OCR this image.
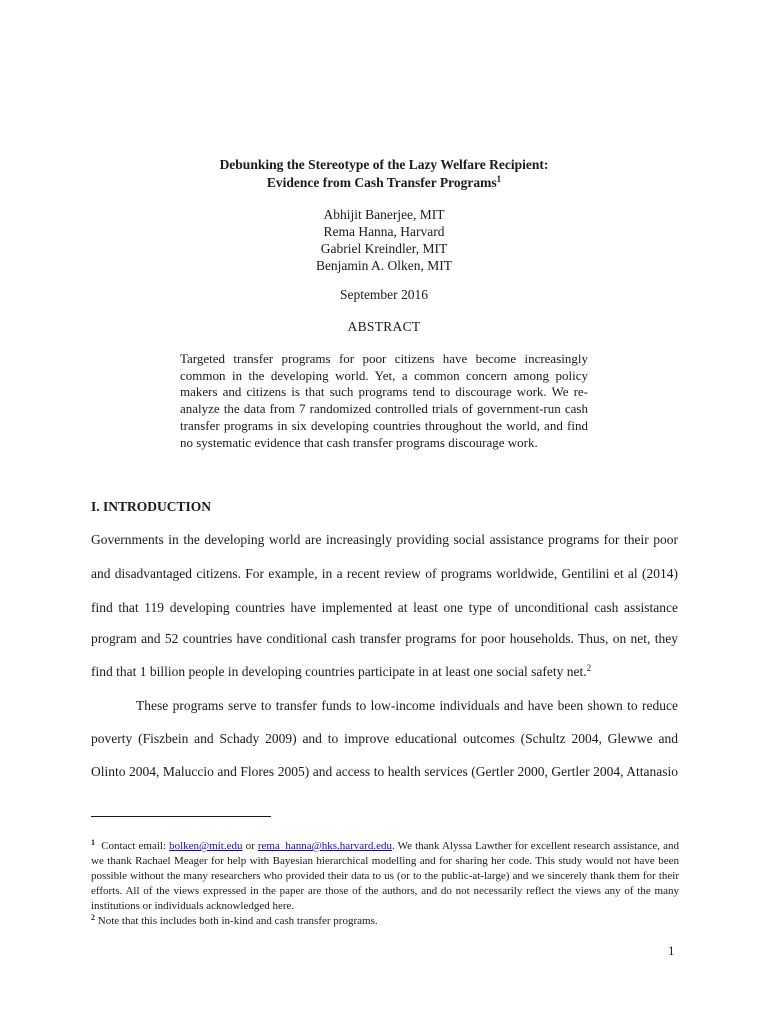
Debunking the Stereotype of the Lazy Welfare Recipient:
Evidence from Cash Transfer Programs$^1$
Abhijit Banerjee, MIT
Rema Hanna, Harvard
Gabriel Kreindler, MIT
Benjamin A. Olken, MIT
September 2016
ABSTRACT
Targeted transfer programs for poor citizens have become increasingly common in the developing world. Yet, a common concern among policy makers and citizens is that such programs tend to discourage work. We re-analyze the data from 7 randomized controlled trials of government-run cash transfer programs in six developing countries throughout the world, and find no systematic evidence that cash transfer programs discourage work.
I. INTRODUCTION
Governments in the developing world are increasingly providing social assistance programs for their poor
and disadvantaged citizens. For example, in a recent review of programs worldwide, Gentilini et al (2014)
find that 119 developing countries have implemented at least one type of unconditional cash assistance
program and 52 countries have conditional cash transfer programs for poor households. Thus, on net, they
find that 1 billion people in developing countries participate in at least one social safety net.$^2$
These programs serve to transfer funds to low-income individuals and have been shown to reduce
poverty (Fiszbein and Schady 2009) and to improve educational outcomes (Schultz 2004, Glewwe and
Olinto 2004, Maluccio and Flores 2005) and access to health services (Gertler 2000, Gertler 2004, Attanasio
$^1$ Contact email: bolken@mit.edu or rema_hanna@hks.harvard.edu. We thank Alyssa Lawther for excellent research assistance, and we thank Rachael Meager for help with Bayesian hierarchical modelling and for sharing her code. This study would not have been possible without the many researchers who provided their data to us (or to the public-at-large) and we sincerely thank them for their efforts. All of the views expressed in the paper are those of the authors, and do not necessarily reflect the views any of the many institutions or individuals acknowledged here.
$^2$ Note that this includes both in-kind and cash transfer programs.
1
